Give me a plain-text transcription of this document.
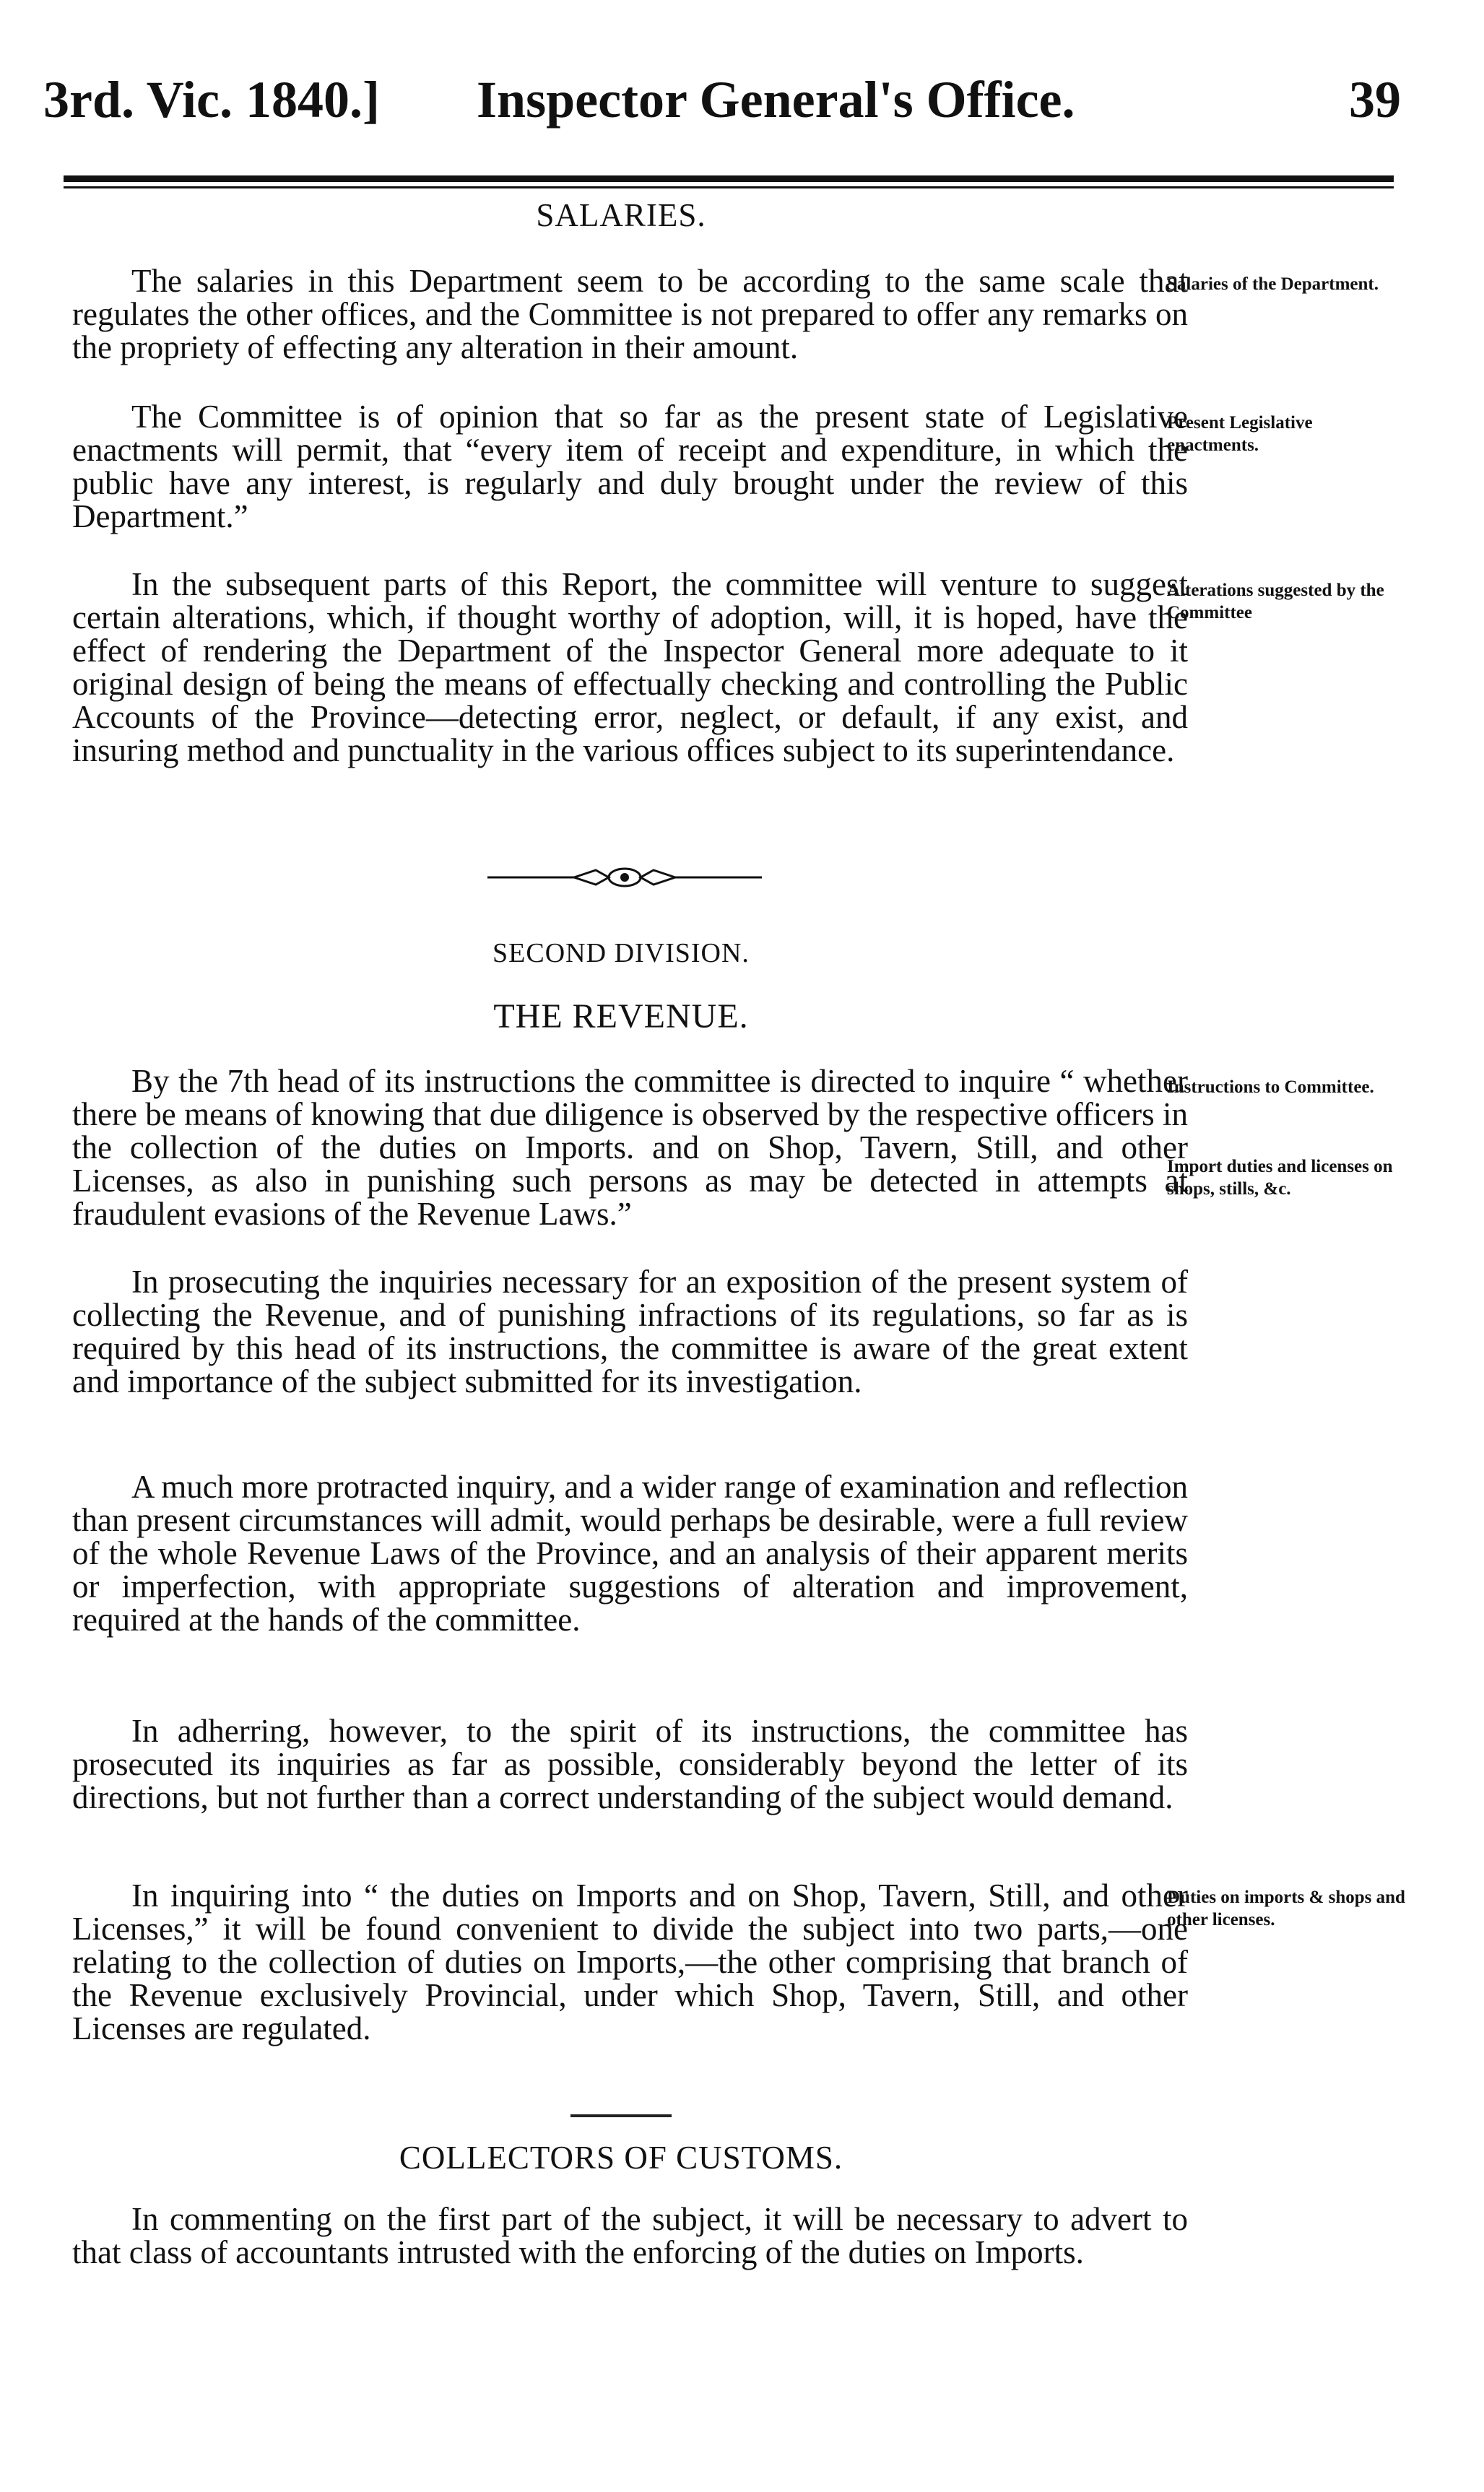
3rd. Vic. 1840.] Inspector General's Office.	39
SALARIES.

The salaries in this Department seem to be according to the same scale that regulates the other offices, and the Committee is not prepared to offer any remarks on the propriety of effecting any alteration in their amount.

Salaries of the Department.

The Committee is of opinion that so far as the present state of Legislative enactments will permit, that “every item of receipt and expenditure, in which the public have any interest, is regularly and duly brought under the review of this Department.”

Present Legislative enactments.

In the subsequent parts of this Report, the committee will venture to suggest certain alterations, which, if thought worthy of adoption, will, it is hoped, have the effect of rendering the Department of the Inspector General more adequate to it original design of being the means of effectually checking and controlling the Public Accounts of the Province—detecting error, neglect, or default, if any exist, and insuring method and punctuality in the various offices subject to its superintendance.

Alterations suggested by the Committee
SECOND DIVISION.
THE REVENUE.

By the 7th head of its instructions the committee is directed to inquire “ whether there be means of knowing that due diligence is observed by the respective officers in the collection of the duties on Imports. and on Shop, Tavern, Still, and other Licenses, as also in punishing such persons as may be detected in attempts at fraudulent evasions of the Revenue Laws.”

Instructions to Committee.
Import duties and licenses on shops, stills, &c.

In prosecuting the inquiries necessary for an exposition of the present system of collecting the Revenue, and of punishing infractions of its regulations, so far as is required by this head of its instructions, the committee is aware of the great extent and importance of the subject submitted for its investigation.

A much more protracted inquiry, and a wider range of examination and reflection than present circumstances will admit, would perhaps be desirable, were a full review of the whole Revenue Laws of the Province, and an analysis of their apparent merits or imperfection, with appropriate suggestions of alteration and improvement, required at the hands of the committee.

In adherring, however, to the spirit of its instructions, the committee has prosecuted its inquiries as far as possible, considerably beyond the letter of its directions, but not further than a correct understanding of the subject would demand.

In inquiring into “ the duties on Imports and on Shop, Tavern, Still, and other Licenses,” it will be found convenient to divide the subject into two parts,—one relating to the collection of duties on Imports,—the other comprising that branch of the Revenue exclusively Provincial, under which Shop, Tavern, Still, and other Licenses are regulated.

Duties on imports & shops and other licenses.
COLLECTORS OF CUSTOMS.

In commenting on the first part of the subject, it will be necessary to advert to that class of accountants intrusted with the enforcing of the duties on Imports.
